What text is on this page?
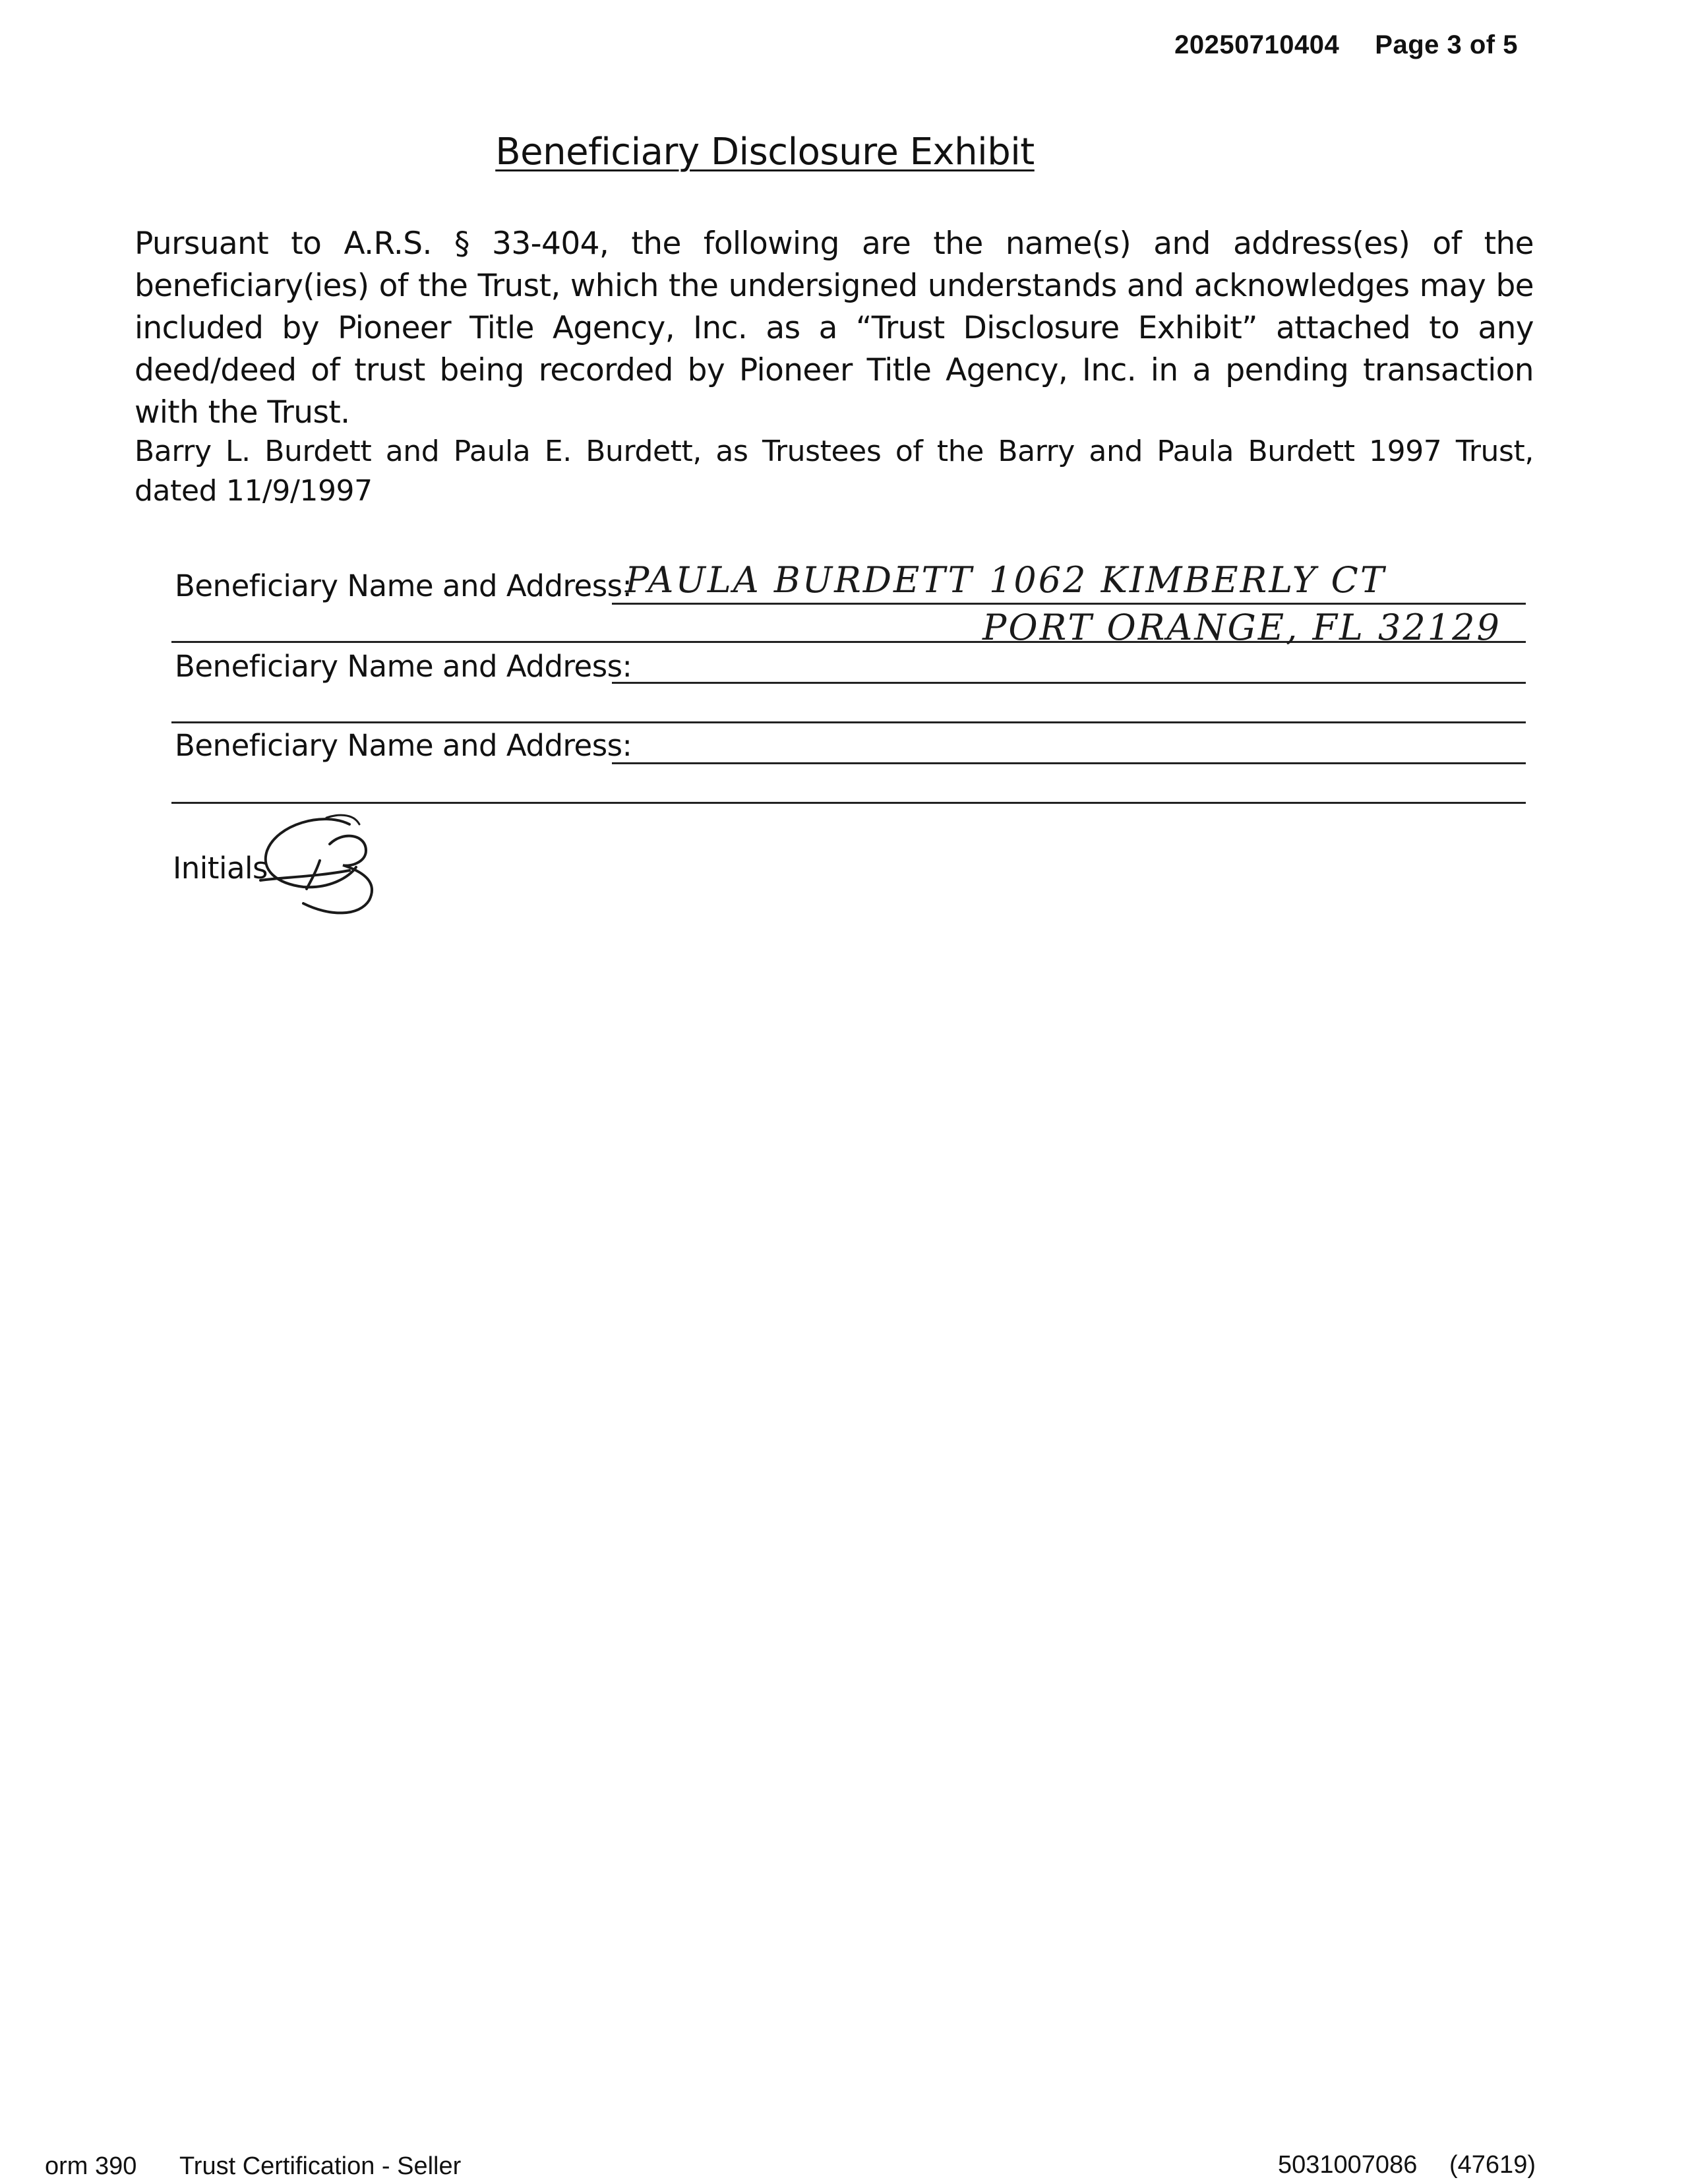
20250710404 Page 3 of 5
Beneficiary Disclosure Exhibit
Pursuant to A.R.S. § 33-404, the following are the name(s) and address(es) of the beneficiary(ies) of the Trust, which the undersigned understands and acknowledges may be included by Pioneer Title Agency, Inc. as a “Trust Disclosure Exhibit” attached to any deed/deed of trust being recorded by Pioneer Title Agency, Inc. in a pending transaction with the Trust.
Barry L. Burdett and Paula E. Burdett, as Trustees of the Barry and Paula Burdett 1997 Trust, dated 11/9/1997
Beneficiary Name and Address:
PAULA BURDETT 1062 KIMBERLY CT
PORT ORANGE, FL 32129
Beneficiary Name and Address:
Beneficiary Name and Address:
Initials
orm 390 Trust Certification - Seller	5031007086 (47619)
